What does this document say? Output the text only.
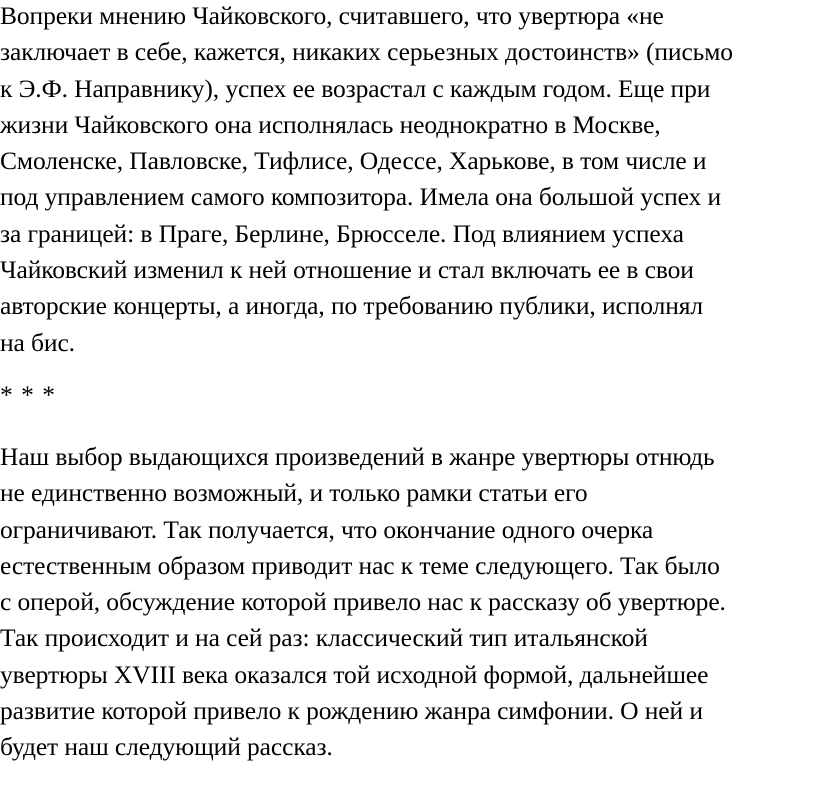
Вопреки мнению Чайковского, считавшего, что увертюра «не
заключает в себе, кажется, никаких серьезных достоинств» (письмо
к Э.Ф. Направнику), успех ее возрастал с каждым годом. Еще при
жизни Чайковского она исполнялась неоднократно в Москве,
Смоленске, Павловске, Тифлисе, Одессе, Харькове, в том числе и
под управлением самого композитора. Имела она большой успех и
за границей: в Праге, Берлине, Брюсселе. Под влиянием успеха
Чайковский изменил к ней отношение и стал включать ее в свои
авторские концерты, а иногда, по требованию публики, исполнял
на бис.
* * *
Наш выбор выдающихся произведений в жанре увертюры отнюдь
не единственно возможный, и только рамки статьи его
ограничивают. Так получается, что окончание одного очерка
естественным образом приводит нас к теме следующего. Так было
с оперой, обсуждение которой привело нас к рассказу об увертюре.
Так происходит и на сей раз: классический тип итальянской
увертюры XVIII века оказался той исходной формой, дальнейшее
развитие которой привело к рождению жанра симфонии. О ней и
будет наш следующий рассказ.
